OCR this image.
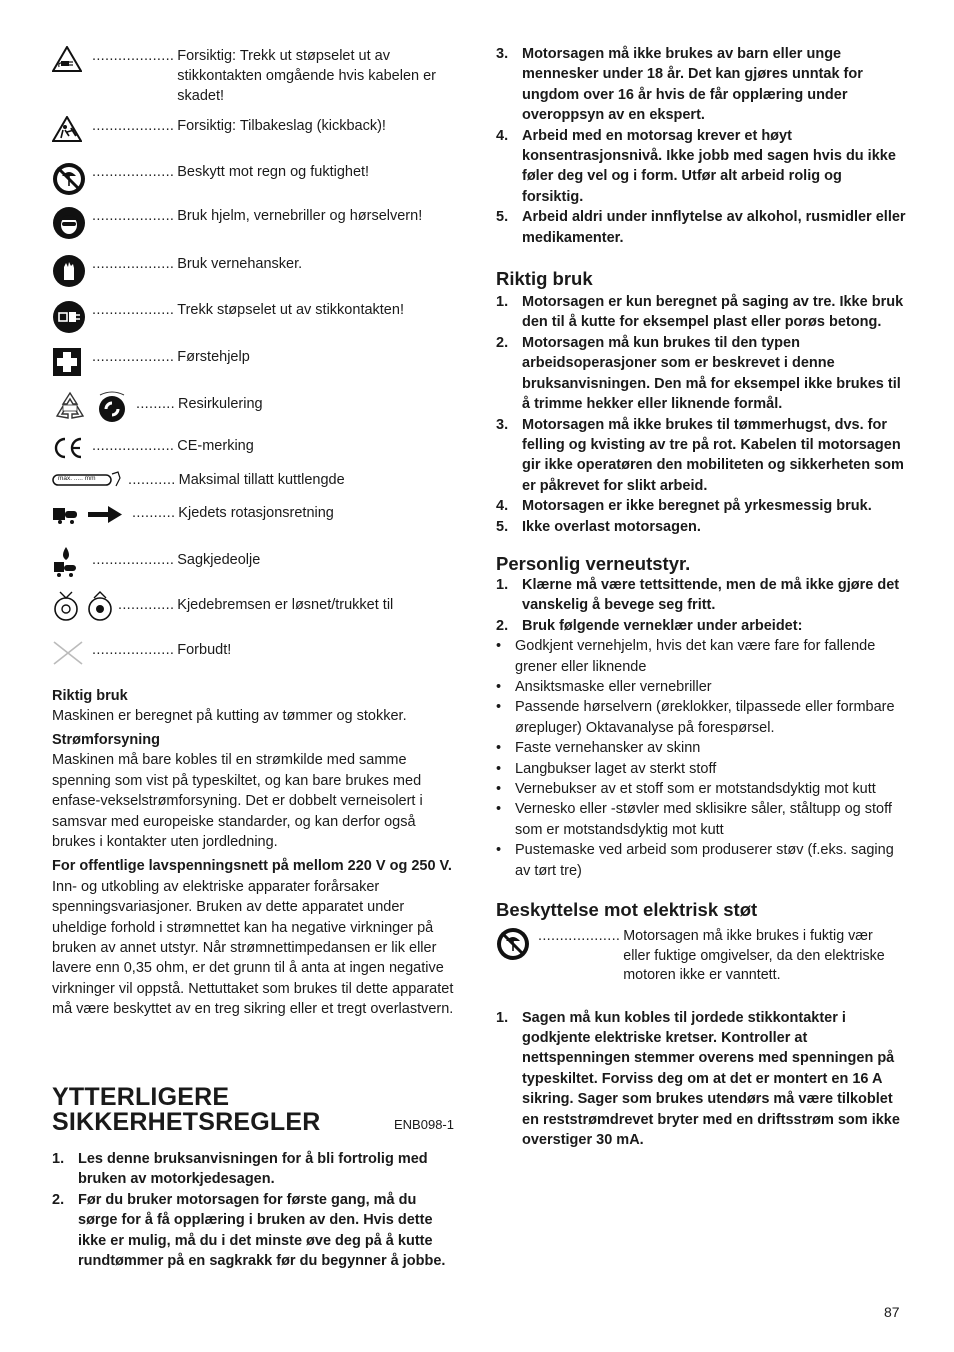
................... Forsiktig: Trekk ut støpselet ut av stikkontakten omgående hvis kabelen er skadet!
................... Forsiktig: Tilbakeslag (kickback)!
................... Beskytt mot regn og fuktighet!
................... Bruk hjelm, vernebriller og hørselvern!
................... Bruk vernehansker.
................... Trekk støpselet ut av stikkontakten!
................... Førstehjelp
......... Resirkulering
................... CE-merking
max. ..... mm ........... Maksimal tillatt kuttlengde
.......... Kjedets rotasjonsretning
................... Sagkjedeolje
............. Kjedebremsen er løsnet/trukket til
................... Forbudt!

Riktig bruk

Maskinen er beregnet på kutting av tømmer og stokker.

Strømforsyning

Maskinen må bare kobles til en strømkilde med samme spenning som vist på typeskiltet, og kan bare brukes med enfase-vekselstrømforsyning. Det er dobbelt verneisolert i samsvar med europeiske standarder, og kan derfor også brukes i kontakter uten jordledning.

For offentlige lavspenningsnett på mellom 220 V og 250 V.

Inn- og utkobling av elektriske apparater forårsaker spenningsvariasjoner. Bruken av dette apparatet under uheldige forhold i strømnettet kan ha negative virkninger på bruken av annet utstyr. Når strømnettimpedansen er lik eller lavere enn 0,35 ohm, er det grunn til å anta at ingen negative virkninger vil oppstå. Nettuttaket som brukes til dette apparatet må være beskyttet av en treg sikring eller et tregt overlastvern.

YTTERLIGERE

SIKKERHETSREGLER	ENB098-1
1. Les denne bruksanvisningen for å bli fortrolig med bruken av motorkjedesagen.
2. Før du bruker motorsagen for første gang, må du sørge for å få opplæring i bruken av den. Hvis dette ikke er mulig, må du i det minste øve deg på å kutte rundtømmer på en sagkrakk før du begynner å jobbe.
3. Motorsagen må ikke brukes av barn eller unge mennesker under 18 år. Det kan gjøres unntak for ungdom over 16 år hvis de får opplæring under overoppsyn av en ekspert.
4. Arbeid med en motorsag krever et høyt konsentrasjonsnivå. Ikke jobb med sagen hvis du ikke føler deg vel og i form. Utfør alt arbeid rolig og forsiktig.
5. Arbeid aldri under innflytelse av alkohol, rusmidler eller medikamenter.

Riktig bruk

1. Motorsagen er kun beregnet på saging av tre. Ikke bruk den til å kutte for eksempel plast eller porøs betong.
2. Motorsagen må kun brukes til den typen arbeidsoperasjoner som er beskrevet i denne bruksanvisningen. Den må for eksempel ikke brukes til å trimme hekker eller liknende formål.
3. Motorsagen må ikke brukes til tømmerhugst, dvs. for felling og kvisting av tre på rot. Kabelen til motorsagen gir ikke operatøren den mobiliteten og sikkerheten som er påkrevet for slikt arbeid.
4. Motorsagen er ikke beregnet på yrkesmessig bruk.
5. Ikke overlast motorsagen.

Personlig verneutstyr.

1. Klærne må være tettsittende, men de må ikke gjøre det vanskelig å bevege seg fritt.
2. Bruk følgende verneklær under arbeidet:
• Godkjent vernehjelm, hvis det kan være fare for fallende grener eller liknende
• Ansiktsmaske eller vernebriller
• Passende hørselvern (øreklokker, tilpassede eller formbare ørepluger) Oktavanalyse på forespørsel.
• Faste vernehansker av skinn
• Langbukser laget av sterkt stoff
• Vernebukser av et stoff som er motstandsdyktig mot kutt
• Vernesko eller -støvler med sklisikre såler, ståltupp og stoff som er motstandsdyktig mot kutt
• Pustemaske ved arbeid som produserer støv (f.eks. saging av tørt tre)

Beskyttelse mot elektrisk støt

................... Motorsagen må ikke brukes i fuktig vær eller fuktige omgivelser, da den elektriske motoren ikke er vanntett.
1. Sagen må kun kobles til jordede stikkontakter i godkjente elektriske kretser. Kontroller at nettspenningen stemmer overens med spenningen på typeskiltet. Forviss deg om at det er montert en 16 A sikring. Sager som brukes utendørs må være tilkoblet en reststrømdrevet bryter med en driftsstrøm som ikke overstiger 30 mA.
87
